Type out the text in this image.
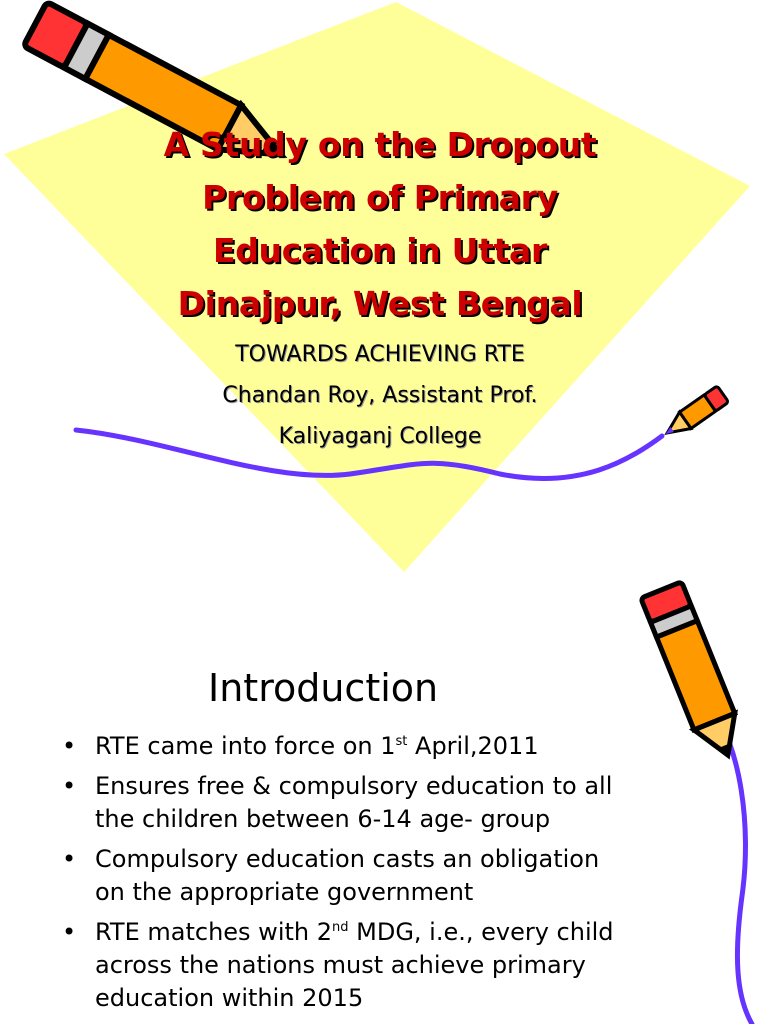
A Study on the Dropout
Problem of Primary
Education in Uttar
Dinajpur, West Bengal
TOWARDS ACHIEVING RTE
Chandan Roy, Assistant Prof.
Kaliyaganj College
Introduction
• RTE came into force on 1st April,2011
• Ensures free & compulsory education to all
the children between 6-14 age- group
• Compulsory education casts an obligation
on the appropriate government
• RTE matches with 2nd MDG, i.e., every child
across the nations must achieve primary
education within 2015
